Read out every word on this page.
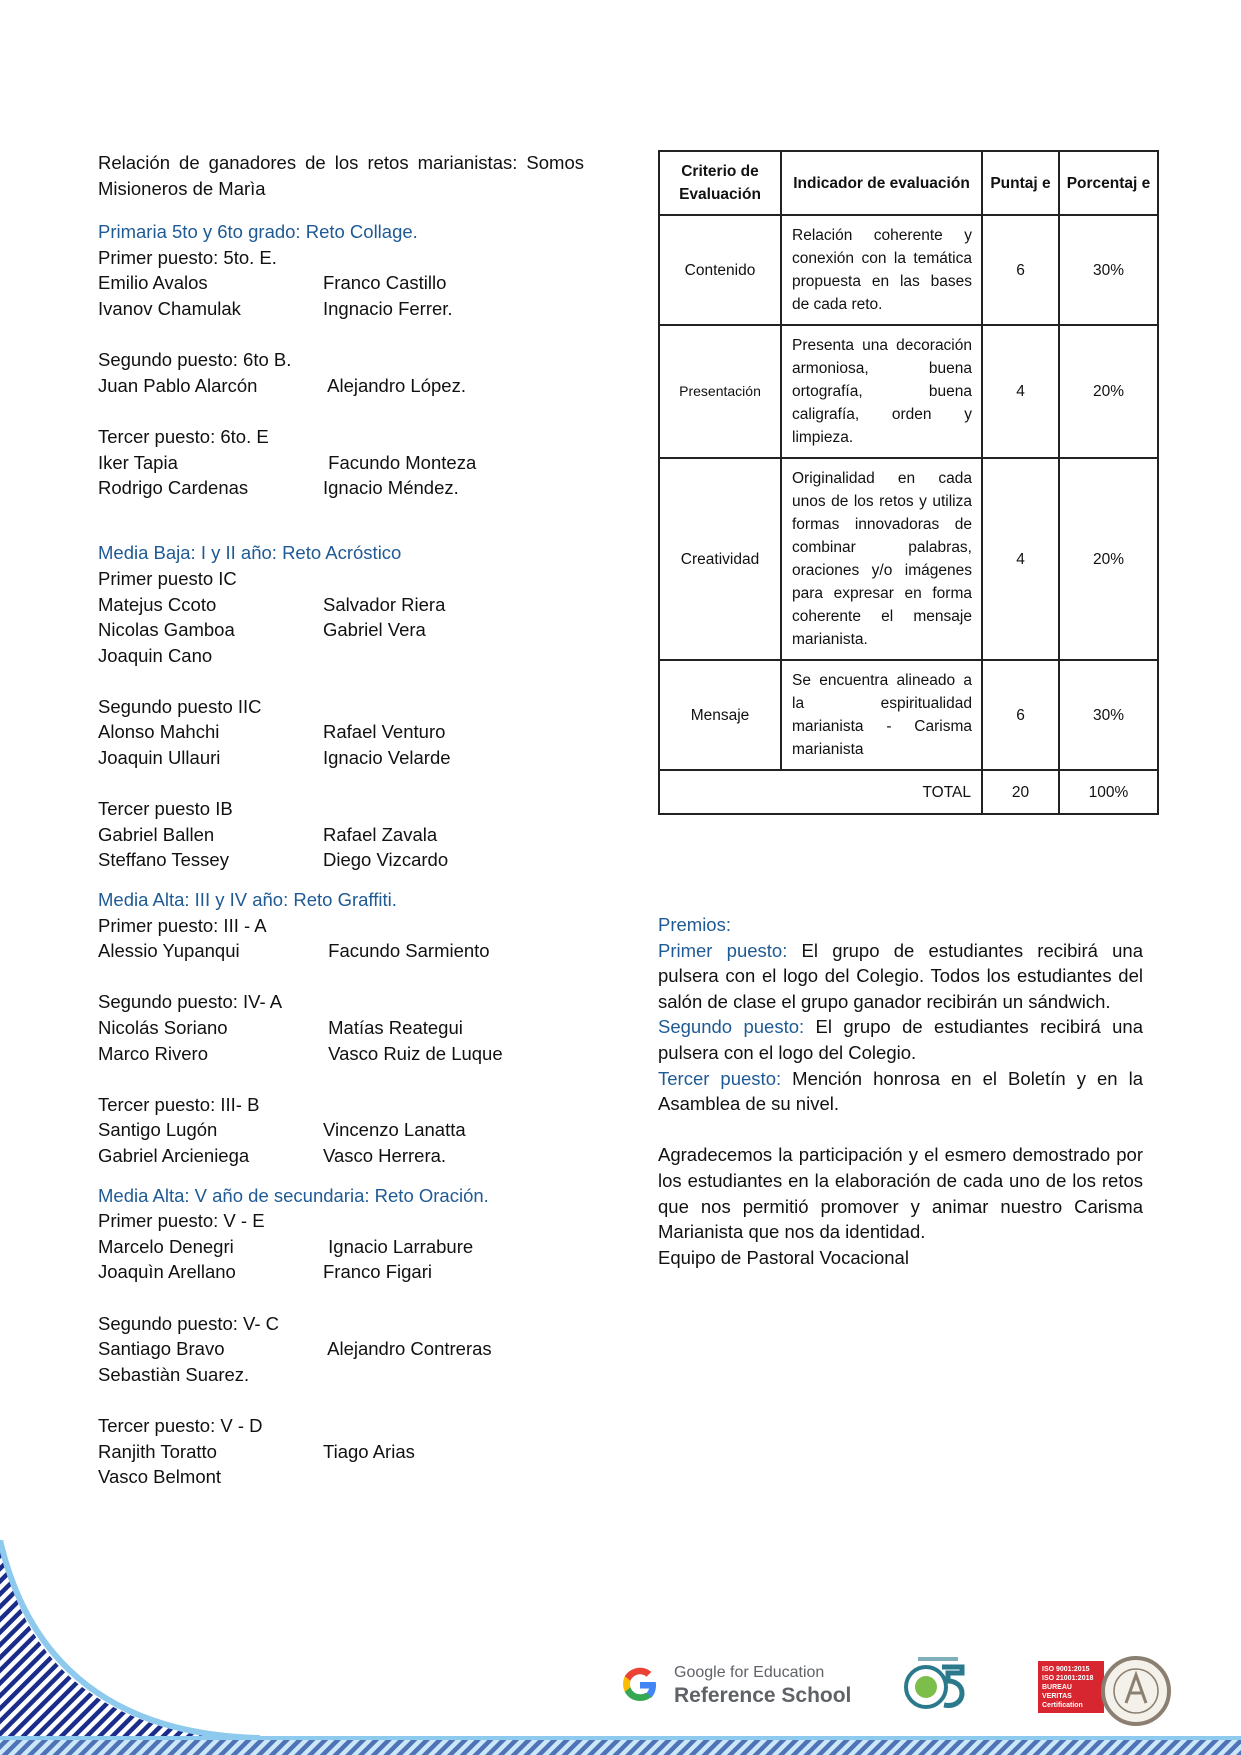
Relación de ganadores de los retos marianistas: Somos Misioneros de Marìa
Primaria 5to y 6to grado: Reto Collage.
Primer puesto: 5to. E.
Emilio Avalos	Franco Castillo
Ivanov Chamulak	Ingnacio Ferrer.
Segundo puesto: 6to B.
Juan Pablo Alarcón	Alejandro López.
Tercer puesto: 6to. E
Iker Tapia	Facundo Monteza
Rodrigo Cardenas	Ignacio Méndez.
Media Baja: I y II año: Reto Acróstico
Primer puesto IC
Matejus Ccoto	Salvador Riera
Nicolas Gamboa	Gabriel Vera
Joaquin Cano
Segundo puesto IIC
Alonso Mahchi	Rafael Venturo
Joaquin Ullauri	Ignacio Velarde
Tercer puesto IB
Gabriel Ballen	Rafael Zavala
Steffano Tessey	Diego Vizcardo
Media Alta: III y IV año: Reto Graffiti.
Primer puesto: III - A
Alessio Yupanqui	Facundo Sarmiento
Segundo puesto: IV- A
Nicolás Soriano	Matías Reategui
Marco Rivero	Vasco Ruiz de Luque
Tercer puesto: III- B
Santigo Lugón	Vincenzo Lanatta
Gabriel Arcieniega	Vasco Herrera.
Media Alta: V año de secundaria: Reto Oración.
Primer puesto: V - E
Marcelo Denegri	Ignacio Larrabure
Joaquìn Arellano	Franco Figari
Segundo puesto: V- C
Santiago Bravo	Alejandro Contreras
Sebastiàn Suarez.
Tercer puesto: V - D
Ranjith Toratto	Tiago Arias
Vasco Belmont
Criterio de Evaluación	Indicador de evaluación	Puntaj e	Porcentaj e
Contenido	Relación coherente y conexión con la temática propuesta en las bases de cada reto.	6	30%
Presentación	Presenta una decoración armoniosa, buena ortografía, buena caligrafía, orden y limpieza.	4	20%
Creatividad	Originalidad en cada unos de los retos y utiliza formas innovadoras de combinar palabras, oraciones y/o imágenes para expresar en forma coherente el mensaje marianista.	4	20%
Mensaje	Se encuentra alineado a la espiritualidad marianista - Carisma marianista	6	30%
TOTAL		20	100%
Premios:
Primer puesto: El grupo de estudiantes recibirá una pulsera con el logo del Colegio. Todos los estudiantes del salón de clase el grupo ganador recibirán un sándwich.
Segundo puesto: El grupo de estudiantes recibirá una pulsera con el logo del Colegio.
Tercer puesto: Mención honrosa en el Boletín y en la Asamblea de su nivel.
Agradecemos la participación y el esmero demostrado por los estudiantes en la elaboración de cada uno de los retos que nos permitió promover y animar nuestro Carisma Marianista que nos da identidad.
Equipo de Pastoral Vocacional
Google for Education
Reference School
ISO 9001:2015 ISO 21001:2018 BUREAU VERITAS Certification
